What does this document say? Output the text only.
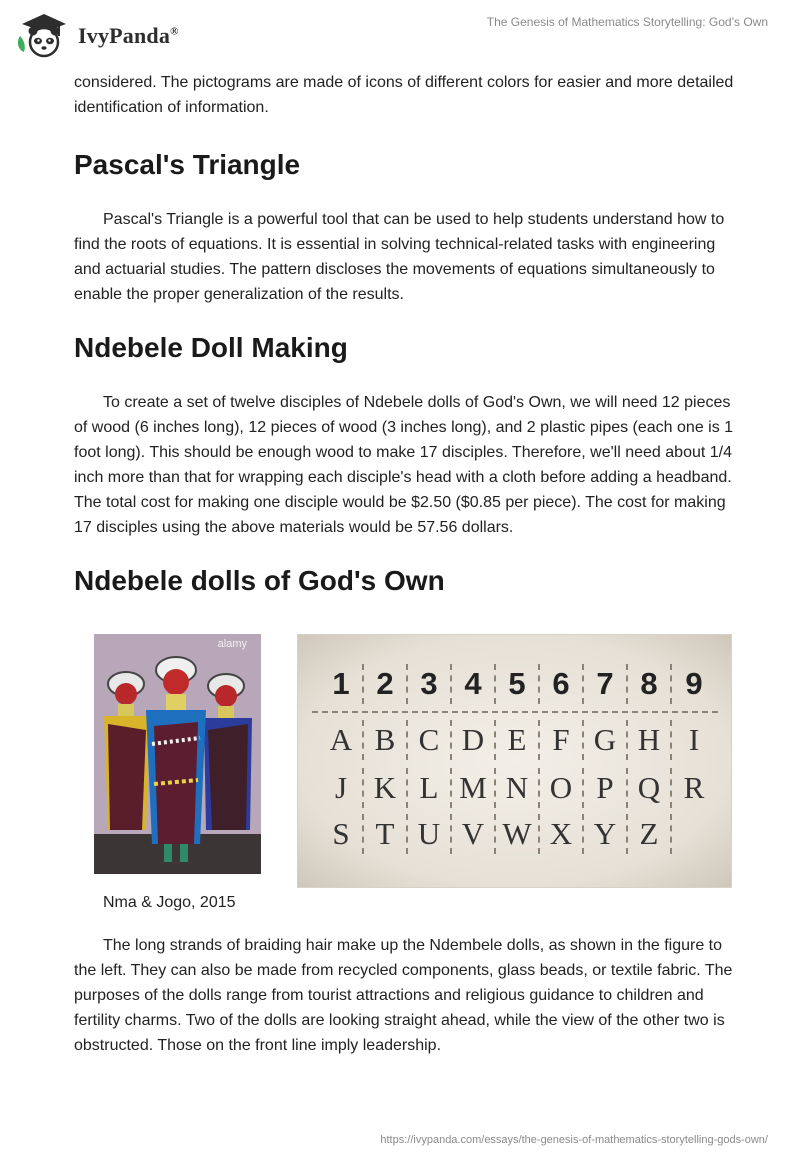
IvyPanda®
The Genesis of Mathematics Storytelling: God’s Own

considered. The pictograms are made of icons of different colors for easier and more detailed identification of information.

Pascal's Triangle

Pascal's Triangle is a powerful tool that can be used to help students understand how to find the roots of equations. It is essential in solving technical-related tasks with engineering and actuarial studies. The pattern discloses the movements of equations simultaneously to enable the proper generalization of the results.

Ndebele Doll Making

To create a set of twelve disciples of Ndebele dolls of God's Own, we will need 12 pieces of wood (6 inches long), 12 pieces of wood (3 inches long), and 2 plastic pipes (each one is 1 foot long). This should be enough wood to make 17 disciples. Therefore, we'll need about 1/4 inch more than that for wrapping each disciple's head with a cloth before adding a headband. The total cost for making one disciple would be $2.50 ($0.85 per piece). The cost for making 17 disciples using the above materials would be 57.56 dollars.

Ndebele dolls of God's Own
alamy
1 2 3 4 5 6 7 8 9
A B C D E F G H I
J K L M N O P Q R
S T U V W X Y Z

Nma & Jogo, 2015

The long strands of braiding hair make up the Ndembele dolls, as shown in the figure to the left. They can also be made from recycled components, glass beads, or textile fabric. The purposes of the dolls range from tourist attractions and religious guidance to children and fertility charms. Two of the dolls are looking straight ahead, while the view of the other two is obstructed. Those on the front line imply leadership.

https://ivypanda.com/essays/the-genesis-of-mathematics-storytelling-gods-own/
